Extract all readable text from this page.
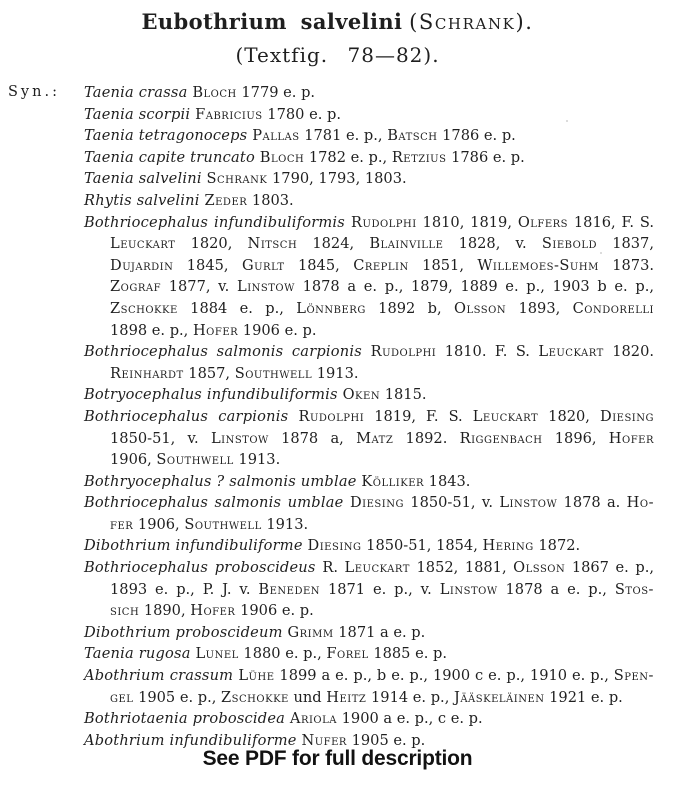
Eubothrium salvelini (Schrank).
(Textfig. 78—82).
Syn.: Taenia crassa Bloch 1779 e. p.
Taenia scorpii Fabricius 1780 e. p.
Taenia tetragonoceps Pallas 1781 e. p., Batsch 1786 e. p.
Taenia capite truncato Bloch 1782 e. p., Retzius 1786 e. p.
Taenia salvelini Schrank 1790, 1793, 1803.
Rhytis salvelini Zeder 1803.
Bothriocephalus infundibuliformis Rudolphi 1810, 1819, Olfers 1816, F. S.
Leuckart 1820, Nitsch 1824, Blainville 1828, v. Siebold 1837,
Dujardin 1845, Gurlt 1845, Creplin 1851, Willemoes-Suhm 1873.
Zograf 1877, v. Linstow 1878 a e. p., 1879, 1889 e. p., 1903 b e. p.,
Zschokke 1884 e. p., Lönnberg 1892 b, Olsson 1893, Condorelli
1898 e. p., Hofer 1906 e. p.
Bothriocephalus salmonis carpionis Rudolphi 1810. F. S. Leuckart 1820.
Reinhardt 1857, Southwell 1913.
Botryocephalus infundibuliformis Oken 1815.
Bothriocephalus carpionis Rudolphi 1819, F. S. Leuckart 1820, Diesing
1850-51, v. Linstow 1878 a, Matz 1892. Riggenbach 1896, Hofer
1906, Southwell 1913.
Bothryocephalus ? salmonis umblae Kölliker 1843.
Bothriocephalus salmonis umblae Diesing 1850-51, v. Linstow 1878 a. Ho-
fer 1906, Southwell 1913.
Dibothrium infundibuliforme Diesing 1850-51, 1854, Hering 1872.
Bothriocephalus proboscideus R. Leuckart 1852, 1881, Olsson 1867 e. p.,
1893 e. p., P. J. v. Beneden 1871 e. p., v. Linstow 1878 a e. p., Stos-
sich 1890, Hofer 1906 e. p.
Dibothrium proboscideum Grimm 1871 a e. p.
Taenia rugosa Lunel 1880 e. p., Forel 1885 e. p.
Abothrium crassum Lühe 1899 a e. p., b e. p., 1900 c e. p., 1910 e. p., Spen-
gel 1905 e. p., Zschokke und Heitz 1914 e. p., Jääskeläinen 1921 e. p.
Bothriotaenia proboscidea Ariola 1900 a e. p., c e. p.
Abothrium infundibuliforme Nufer 1905 e. p.
See PDF for full description
